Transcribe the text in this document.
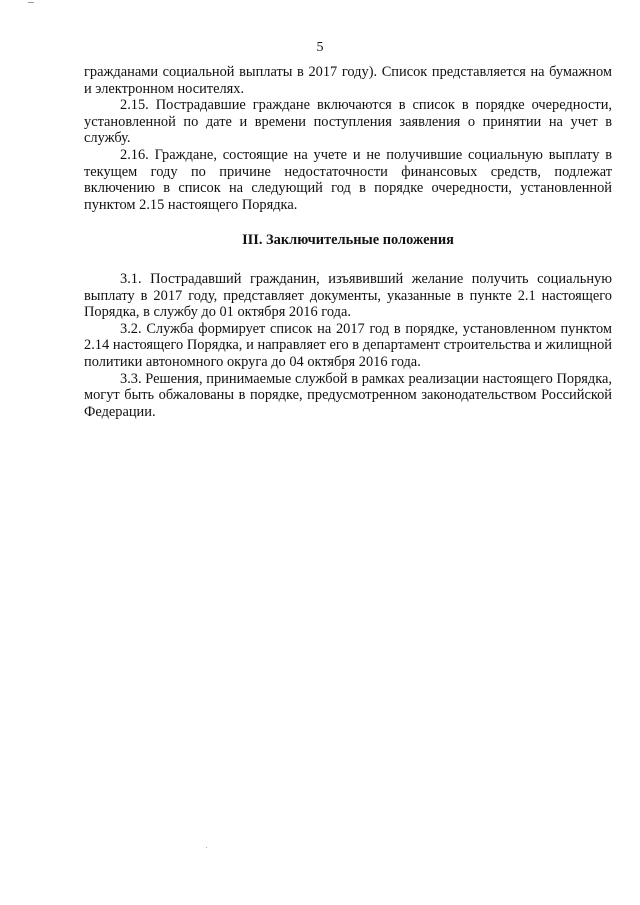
5

гражданами социальной выплаты в 2017 году). Список представляется на бумажном и электронном носителях.

2.15. Пострадавшие граждане включаются в список в порядке очередности, установленной по дате и времени поступления заявления о принятии на учет в службу.

2.16. Граждане, состоящие на учете и не получившие социальную выплату в текущем году по причине недостаточности финансовых средств, подлежат включению в список на следующий год в порядке очередности, установленной пунктом 2.15 настоящего Порядка.

III. Заключительные положения

3.1. Пострадавший гражданин, изъявивший желание получить социальную выплату в 2017 году, представляет документы, указанные в пункте 2.1 настоящего Порядка, в службу до 01 октября 2016 года.

3.2. Служба формирует список на 2017 год в порядке, установленном пунктом 2.14 настоящего Порядка, и направляет его в департамент строительства и жилищной политики автономного округа до 04 октября 2016 года.

3.3. Решения, принимаемые службой в рамках реализации настоящего Порядка, могут быть обжалованы в порядке, предусмотренном законодательством Российской Федерации.
